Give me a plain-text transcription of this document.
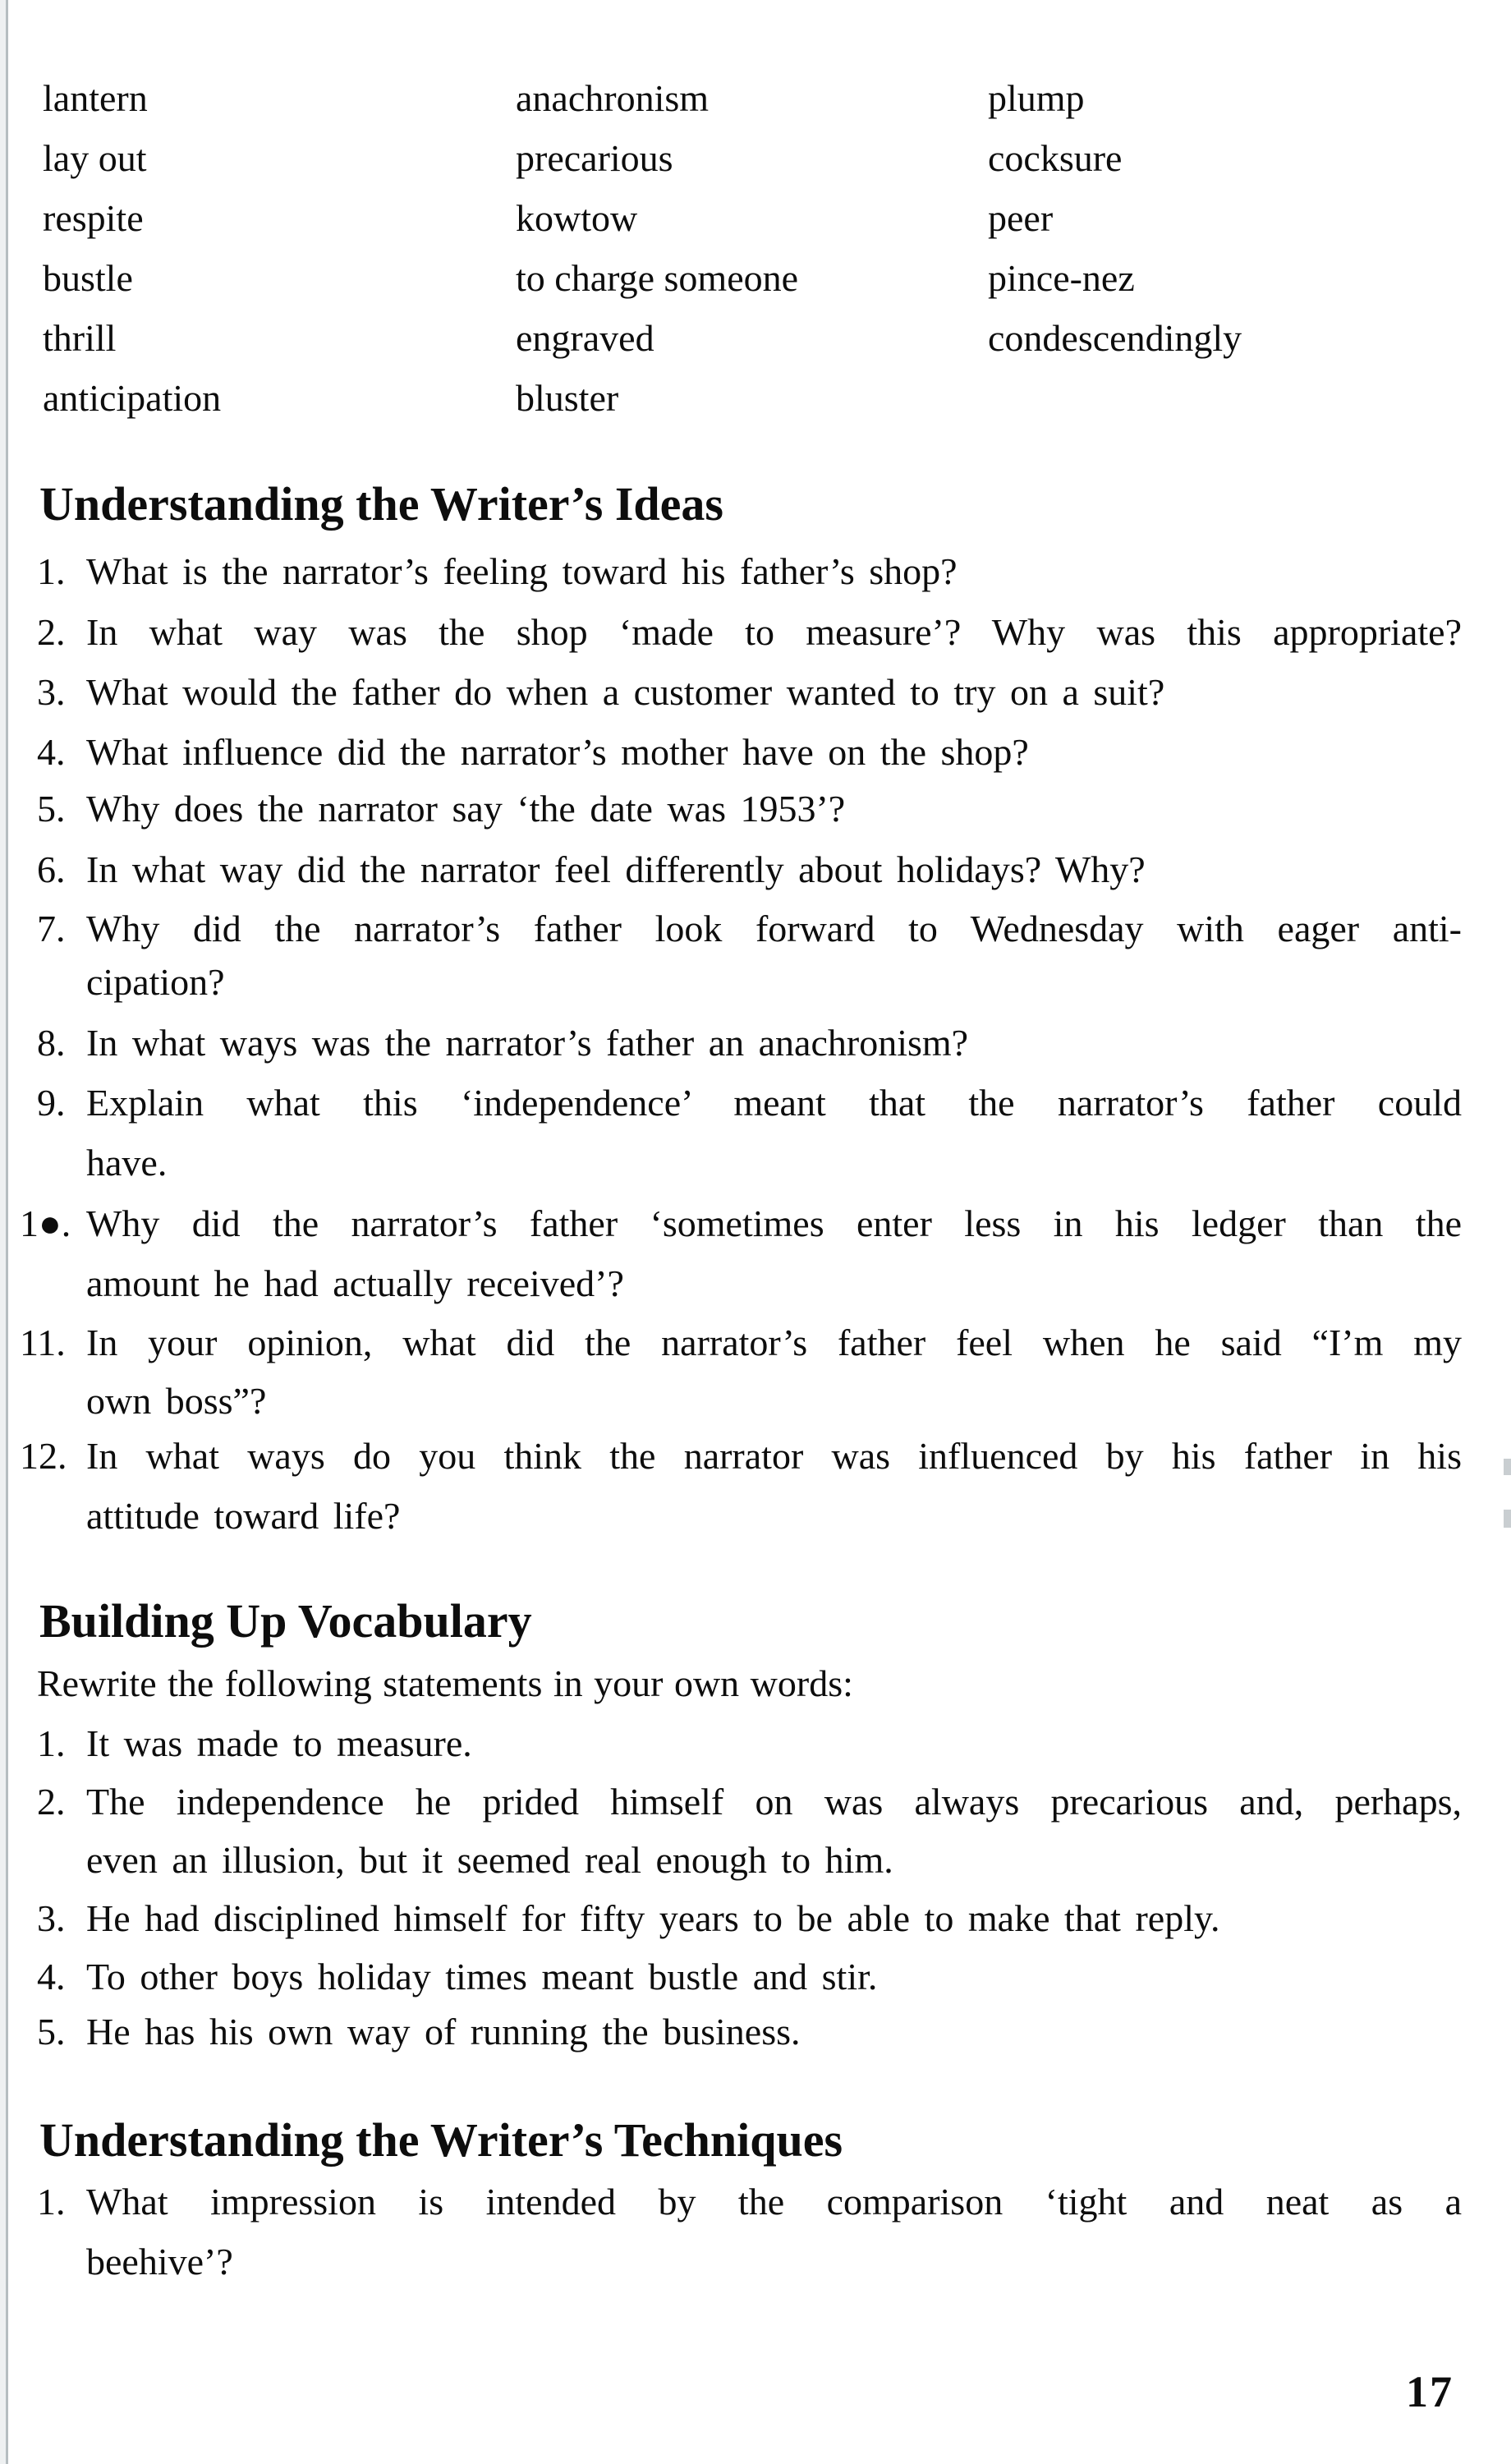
lantern
lay out
respite
bustle
thrill
anticipation
anachronism
precarious
kowtow
to charge someone
engraved
bluster
plump
cocksure
peer
pince-nez
condescendingly
Understanding the Writer’s Ideas
1. What is the narrator’s feeling toward his father’s shop?
2. In what way was the shop ‘made to measure’? Why was this appropriate?
3. What would the father do when a customer wanted to try on a suit?
4. What influence did the narrator’s mother have on the shop?
5. Why does the narrator say ‘the date was 1953’?
6. In what way did the narrator feel differently about holidays? Why?
7. Why did the narrator’s father look forward to Wednesday with eager anti-
cipation?
8. In what ways was the narrator’s father an anachronism?
9. Explain what this ‘independence’ meant that the narrator’s father could
have.
1●. Why did the narrator’s father ‘sometimes enter less in his ledger than the
amount he had actually received’?
11. In your opinion, what did the narrator’s father feel when he said “I’m my
own boss”?
12. In what ways do you think the narrator was influenced by his father in his
attitude toward life?
Building Up Vocabulary
Rewrite the following statements in your own words:
1. It was made to measure.
2. The independence he prided himself on was always precarious and, perhaps,
even an illusion, but it seemed real enough to him.
3. He had disciplined himself for fifty years to be able to make that reply.
4. To other boys holiday times meant bustle and stir.
5. He has his own way of running the business.
Understanding the Writer’s Techniques
1. What impression is intended by the comparison ‘tight and neat as a
beehive’?
17
